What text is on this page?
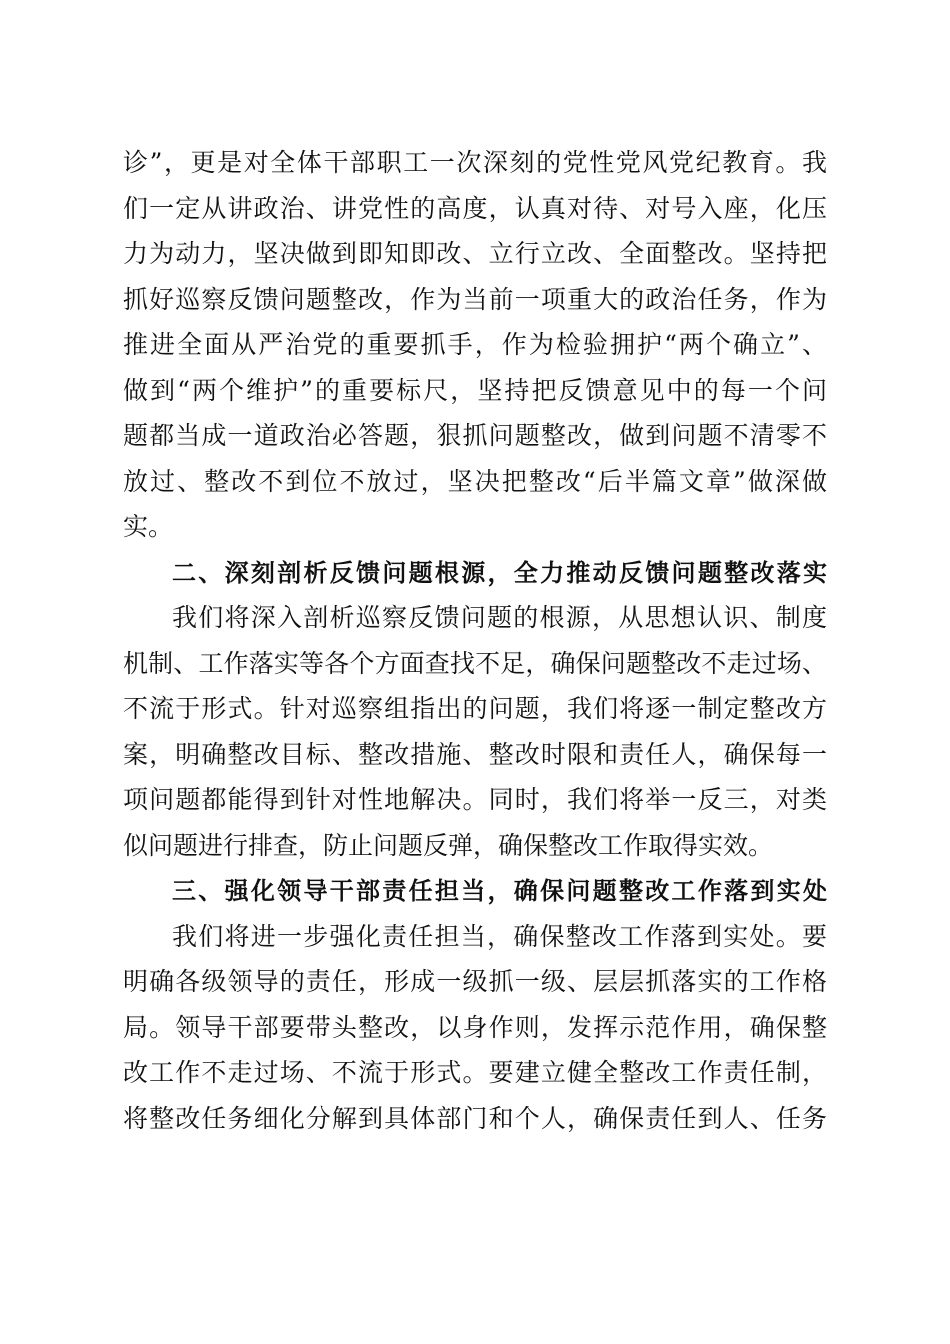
诊”，更是对全体干部职工一次深刻的党性党风党纪教育。我
们一定从讲政治、讲党性的高度，认真对待、对号入座，化压
力为动力，坚决做到即知即改、立行立改、全面整改。坚持把
抓好巡察反馈问题整改，作为当前一项重大的政治任务，作为
推进全面从严治党的重要抓手，作为检验拥护“两个确立”、
做到“两个维护”的重要标尺，坚持把反馈意见中的每一个问
题都当成一道政治必答题，狠抓问题整改，做到问题不清零不
放过、整改不到位不放过，坚决把整改“后半篇文章”做深做
实。
二、深刻剖析反馈问题根源，全力推动反馈问题整改落实
我们将深入剖析巡察反馈问题的根源，从思想认识、制度
机制、工作落实等各个方面查找不足，确保问题整改不走过场、
不流于形式。针对巡察组指出的问题，我们将逐一制定整改方
案，明确整改目标、整改措施、整改时限和责任人，确保每一
项问题都能得到针对性地解决。同时，我们将举一反三，对类
似问题进行排查，防止问题反弹，确保整改工作取得实效。
三、强化领导干部责任担当，确保问题整改工作落到实处
我们将进一步强化责任担当，确保整改工作落到实处。要
明确各级领导的责任，形成一级抓一级、层层抓落实的工作格
局。领导干部要带头整改，以身作则，发挥示范作用，确保整
改工作不走过场、不流于形式。要建立健全整改工作责任制，
将整改任务细化分解到具体部门和个人，确保责任到人、任务
